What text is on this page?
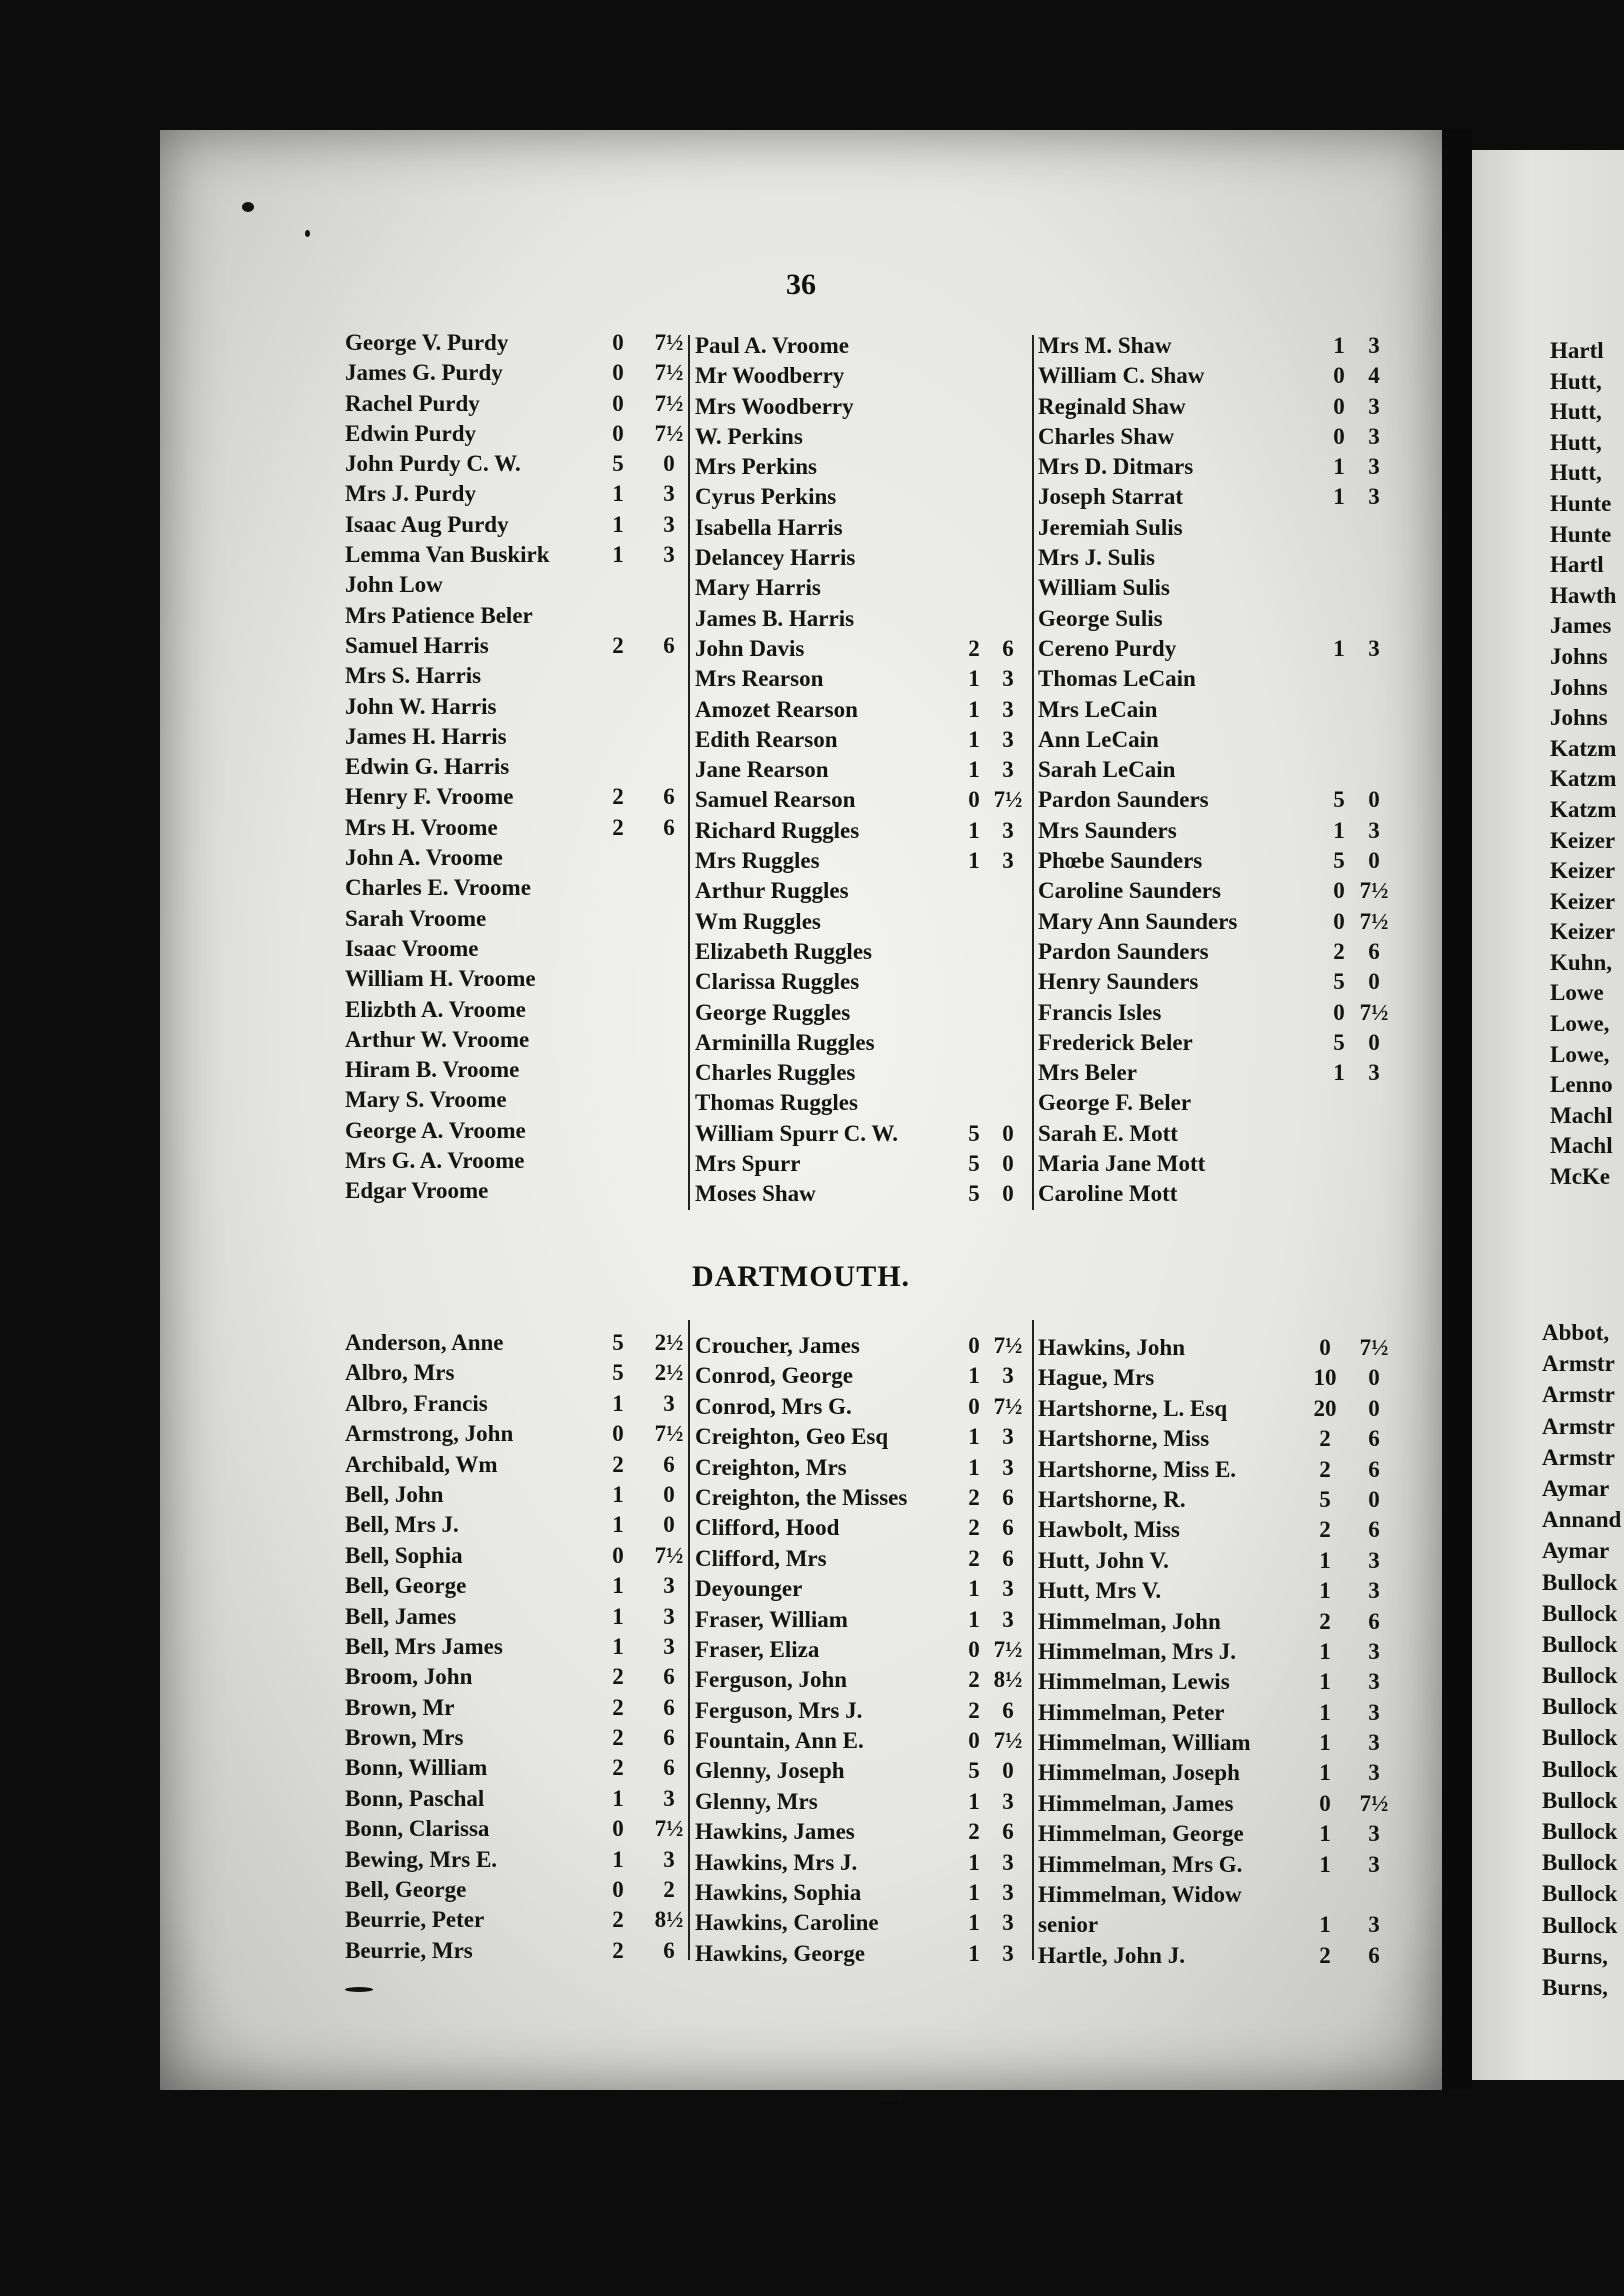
36
DARTMOUTH.
George V. Purdy	0	7½
James G. Purdy	0	7½
Rachel Purdy	0	7½
Edwin Purdy	0	7½
John Purdy C. W.	5	0
Mrs J. Purdy	1	3
Isaac Aug Purdy	1	3
Lemma Van Buskirk	1	3
John Low
Mrs Patience Beler
Samuel Harris	2	6
Mrs S. Harris
John W. Harris
James H. Harris
Edwin G. Harris
Henry F. Vroome	2	6
Mrs H. Vroome	2	6
John A. Vroome
Charles E. Vroome
Sarah Vroome
Isaac Vroome
William H. Vroome
Elizbth A. Vroome
Arthur W. Vroome
Hiram B. Vroome
Mary S. Vroome
George A. Vroome
Mrs G. A. Vroome
Edgar Vroome
Paul A. Vroome
Mr Woodberry
Mrs Woodberry
W. Perkins
Mrs Perkins
Cyrus Perkins
Isabella Harris
Delancey Harris
Mary Harris
James B. Harris
John Davis	2 6
Mrs Rearson	1 3
Amozet Rearson	1 3
Edith Rearson	1 3
Jane Rearson	1 3
Samuel Rearson	0 7½
Richard Ruggles	1 3
Mrs Ruggles	1 3
Arthur Ruggles
Wm Ruggles
Elizabeth Ruggles
Clarissa Ruggles
George Ruggles
Arminilla Ruggles
Charles Ruggles
Thomas Ruggles
William Spurr C. W.	5 0
Mrs Spurr	5 0
Moses Shaw	5 0
Mrs M. Shaw	1	3
William C. Shaw	0	4
Reginald Shaw	0	3
Charles Shaw	0	3
Mrs D. Ditmars	1	3
Joseph Starrat	1	3
Jeremiah Sulis
Mrs J. Sulis
William Sulis
George Sulis
Cereno Purdy	1	3
Thomas LeCain
Mrs LeCain
Ann LeCain
Sarah LeCain
Pardon Saunders	5	0
Mrs Saunders	1	3
Phœbe Saunders	5	0
Caroline Saunders	0 7½
Mary Ann Saunders	0 7½
Pardon Saunders	2	6
Henry Saunders	5	0
Francis Isles	0 7½
Frederick Beler	5	0
Mrs Beler	1	3
George F. Beler
Sarah E. Mott
Maria Jane Mott
Caroline Mott
Anderson, Anne	5	2½
Albro, Mrs	5	2½
Albro, Francis	1	3
Armstrong, John	0	7½
Archibald, Wm	2	6
Bell, John	1	0
Bell, Mrs J.	1	0
Bell, Sophia	0	7½
Bell, George	1	3
Bell, James	1	3
Bell, Mrs James	1	3
Broom, John	2	6
Brown, Mr	2	6
Brown, Mrs	2	6
Bonn, William	2	6
Bonn, Paschal	1	3
Bonn, Clarissa	0	7½
Bewing, Mrs E.	1	3
Bell, George	0	2
Beurrie, Peter	2	8½
Beurrie, Mrs	2	6
Croucher, James	0 7½
Conrod, George	1 3
Conrod, Mrs G.	0 7½
Creighton, Geo Esq	1 3
Creighton, Mrs	1 3
Creighton, the Misses	2 6
Clifford, Hood	2 6
Clifford, Mrs	2 6
Deyounger	1 3
Fraser, William	1 3
Fraser, Eliza	0 7½
Ferguson, John	2 8½
Ferguson, Mrs J.	2 6
Fountain, Ann E.	0 7½
Glenny, Joseph	5 0
Glenny, Mrs	1 3
Hawkins, James	2 6
Hawkins, Mrs J.	1 3
Hawkins, Sophia	1 3
Hawkins, Caroline	1 3
Hawkins, George	1 3
Hawkins, John	0	7½
Hague, Mrs	10	0
Hartshorne, L. Esq	20	0
Hartshorne, Miss	2	6
Hartshorne, Miss E.	2	6
Hartshorne, R.	5	0
Hawbolt, Miss	2	6
Hutt, John V.	1	3
Hutt, Mrs V.	1	3
Himmelman, John	2	6
Himmelman, Mrs J.	1	3
Himmelman, Lewis	1	3
Himmelman, Peter	1	3
Himmelman, William	1	3
Himmelman, Joseph	1	3
Himmelman, James	0	7½
Himmelman, George	1	3
Himmelman, Mrs G.	1	3
Himmelman, Widow
senior	1	3
Hartle, John J.	2	6
Hartl
Hutt,
Hutt,
Hutt,
Hutt,
Hunte
Hunte
Hartl
Hawth
James
Johns
Johns
Johns
Katzm
Katzm
Katzm
Keizer
Keizer
Keizer
Keizer
Kuhn,
Lowe
Lowe,
Lowe,
Lenno
Machl
Machl
McKe
Abbot,
Armstr
Armstr
Armstr
Armstr
Aymar
Annand
Aymar
Bullock
Bullock
Bullock
Bullock
Bullock
Bullock
Bullock
Bullock
Bullock
Bullock
Bullock
Bullock
Burns,
Burns,
